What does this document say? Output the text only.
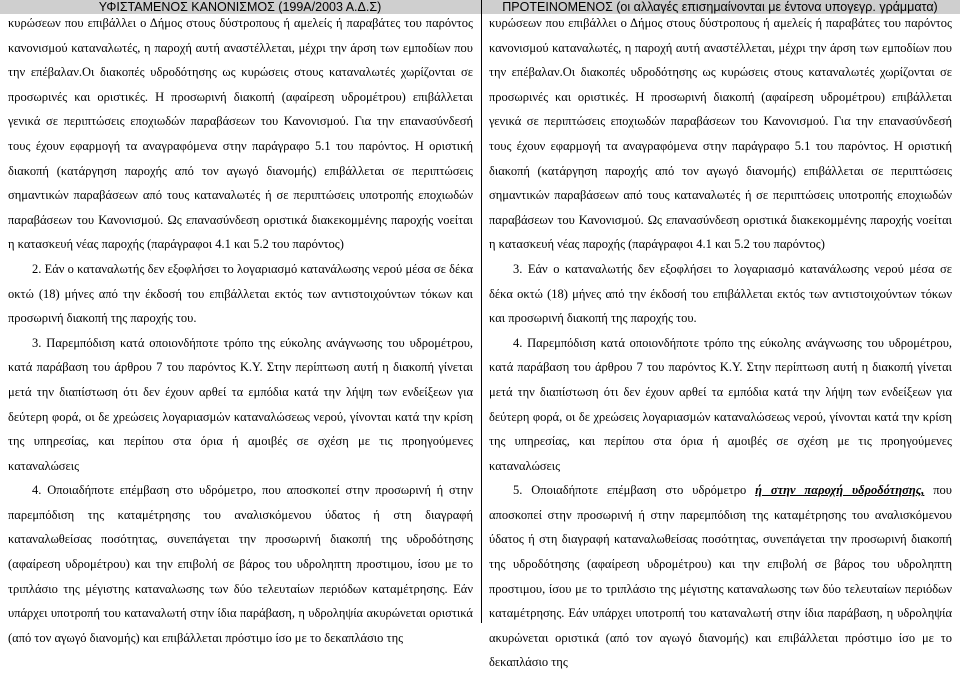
ΥΦΙΣΤΑΜΕΝΟΣ ΚΑΝΟΝΙΣΜΟΣ (199Α/2003 Α.Δ.Σ)	ΠΡΟΤΕΙΝΟΜΕΝΟΣ (οι αλλαγές επισημαίνονται με έντονα υπογεγρ. γράμματα)

κυρώσεων που επιβάλλει ο Δήμος στους δύστροπους ή αμελείς ή παραβάτες του παρόντος κανονισμού καταναλωτές, η παροχή αυτή αναστέλλεται, μέχρι την άρση των εμποδίων που την επέβαλαν.Οι διακοπές υδροδότησης ως κυρώσεις στους καταναλωτές χωρίζονται σε προσωρινές και οριστικές. Η προσωρινή διακοπή (αφαίρεση υδρομέτρου) επιβάλλεται γενικά σε περιπτώσεις εποχιωδών παραβάσεων του Κανονισμού. Για την επανασύνδεσή τους έχουν εφαρμογή τα αναγραφόμενα στην παράγραφο 5.1 του παρόντος. Η οριστική διακοπή (κατάργηση παροχής από τον αγωγό διανομής) επιβάλλεται σε περιπτώσεις σημαντικών παραβάσεων από τους καταναλωτές ή σε περιπτώσεις υποτροπής εποχιωδών παραβάσεων του Κανονισμού. Ως επανασύνδεση οριστικά διακεκομμένης παροχής νοείται η κατασκευή νέας παροχής (παράγραφοι 4.1 και 5.2 του παρόντος)

2. Εάν ο καταναλωτής δεν εξοφλήσει το λογαριασμό κατανάλωσης νερού μέσα σε δέκα οκτώ (18) μήνες από την έκδοσή του επιβάλλεται εκτός των αντιστοιχούντων τόκων και προσωρινή διακοπή της παροχής του.

3. Παρεμπόδιση κατά οποιονδήποτε τρόπο της εύκολης ανάγνωσης του υδρομέτρου, κατά παράβαση του άρθρου 7 του παρόντος Κ.Υ. Στην περίπτωση αυτή η διακοπή γίνεται μετά την διαπίστωση ότι δεν έχουν αρθεί τα εμπόδια κατά την λήψη των ενδείξεων για δεύτερη φορά, οι δε χρεώσεις λογαριασμών καταναλώσεως νερού, γίνονται κατά την κρίση της υπηρεσίας, και περίπου στα όρια ή αμοιβές σε σχέση με τις προηγούμενες καταναλώσεις

4. Οποιαδήποτε επέμβαση στο υδρόμετρο, που αποσκοπεί στην προσωρινή ή στην παρεμπόδιση της καταμέτρησης του αναλισκόμενου ύδατος ή στη διαγραφή καταναλωθείσας ποσότητας, συνεπάγεται την προσωρινή διακοπή της υδροδότησης (αφαίρεση υδρομέτρου) και την επιβολή σε βάρος του υδροληπτη προστιμου, ίσου με το τριπλάσιο της μέγιστης καταναλωσης των δύο τελευταίων περιόδων καταμέτρησης. Εάν υπάρχει υποτροπή του καταναλωτή στην ίδια παράβαση, η υδροληψία ακυρώνεται οριστικά (από τον αγωγό διανομής) και επιβάλλεται πρόστιμο ίσο με το δεκαπλάσιο της

κυρώσεων που επιβάλλει ο Δήμος στους δύστροπους ή αμελείς ή παραβάτες του παρόντος κανονισμού καταναλωτές, η παροχή αυτή αναστέλλεται, μέχρι την άρση των εμποδίων που την επέβαλαν.Οι διακοπές υδροδότησης ως κυρώσεις στους καταναλωτές χωρίζονται σε προσωρινές και οριστικές. Η προσωρινή διακοπή (αφαίρεση υδρομέτρου) επιβάλλεται γενικά σε περιπτώσεις εποχιωδών παραβάσεων του Κανονισμού. Για την επανασύνδεσή τους έχουν εφαρμογή τα αναγραφόμενα στην παράγραφο 5.1 του παρόντος. Η οριστική διακοπή (κατάργηση παροχής από τον αγωγό διανομής) επιβάλλεται σε περιπτώσεις σημαντικών παραβάσεων από τους καταναλωτές ή σε περιπτώσεις υποτροπής εποχιωδών παραβάσεων του Κανονισμού. Ως επανασύνδεση οριστικά διακεκομμένης παροχής νοείται η κατασκευή νέας παροχής (παράγραφοι 4.1 και 5.2 του παρόντος)

3. Εάν ο καταναλωτής δεν εξοφλήσει το λογαριασμό κατανάλωσης νερού μέσα σε δέκα οκτώ (18) μήνες από την έκδοσή του επιβάλλεται εκτός των αντιστοιχούντων τόκων και προσωρινή διακοπή της παροχής του.

4. Παρεμπόδιση κατά οποιονδήποτε τρόπο της εύκολης ανάγνωσης του υδρομέτρου, κατά παράβαση του άρθρου 7 του παρόντος Κ.Υ. Στην περίπτωση αυτή η διακοπή γίνεται μετά την διαπίστωση ότι δεν έχουν αρθεί τα εμπόδια κατά την λήψη των ενδείξεων για δεύτερη φορά, οι δε χρεώσεις λογαριασμών καταναλώσεως νερού, γίνονται κατά την κρίση της υπηρεσίας, και περίπου στα όρια ή αμοιβές σε σχέση με τις προηγούμενες καταναλώσεις

5. Οποιαδήποτε επέμβαση στο υδρόμετρο ή στην παροχή υδροδότησης, που αποσκοπεί στην προσωρινή ή στην παρεμπόδιση της καταμέτρησης του αναλισκόμενου ύδατος ή στη διαγραφή καταναλωθείσας ποσότητας, συνεπάγεται την προσωρινή διακοπή της υδροδότησης (αφαίρεση υδρομέτρου) και την επιβολή σε βάρος του υδροληπτη προστιμου, ίσου με το τριπλάσιο της μέγιστης καταναλωσης των δύο τελευταίων περιόδων καταμέτρησης. Εάν υπάρχει υποτροπή του καταναλωτή στην ίδια παράβαση, η υδροληψία ακυρώνεται οριστικά (από τον αγωγό διανομής) και επιβάλλεται πρόστιμο ίσο με το δεκαπλάσιο της
